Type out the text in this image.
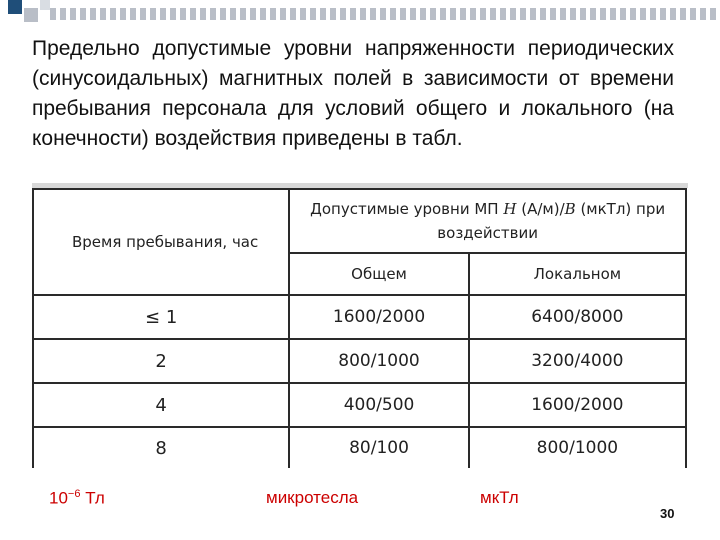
Предельно допустимые уровни напряженности периодических (синусоидальных) магнитных полей в зависимости от времени пребывания персонала для условий общего и локального (на конечности) воздействия приведены в табл.
Время пребывания, час	Допустимые уровни МП H (А/м)/B (мкТл) при
воздействии	
	Общем	Локальном
≤ 1	1600/2000	6400/8000
2	800/1000	3200/4000
4	400/500	1600/2000
8	80/100	800/1000
$10^{-6}$ Тл	микротесла	мкТл
30
